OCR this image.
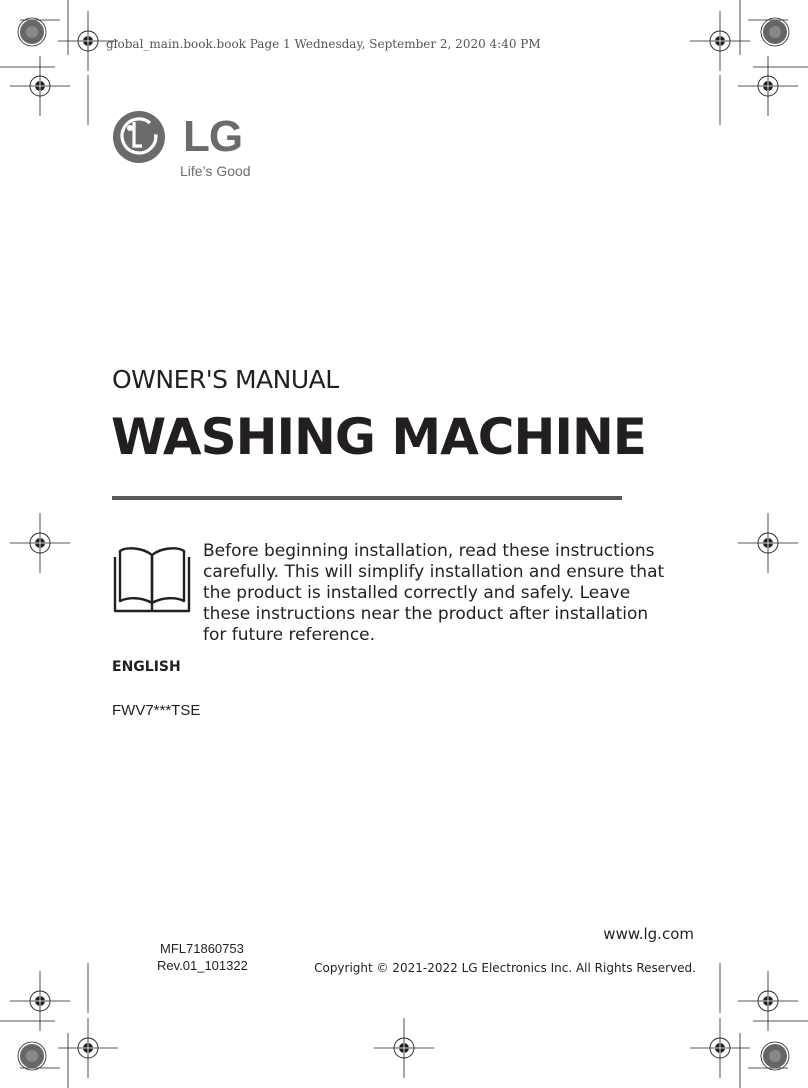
global_main.book.book Page 1 Wednesday, September 2, 2020 4:40 PM
LG
Life’s Good
OWNER'S MANUAL
WASHING MACHINE
Before beginning installation, read these instructions carefully. This will simplify installation and ensure that the product is installed correctly and safely. Leave these instructions near the product after installation for future reference.
ENGLISH
FWV7***TSE
MFL71860753
Rev.01_101322
www.lg.com
Copyright © 2021-2022 LG Electronics Inc. All Rights Reserved.
